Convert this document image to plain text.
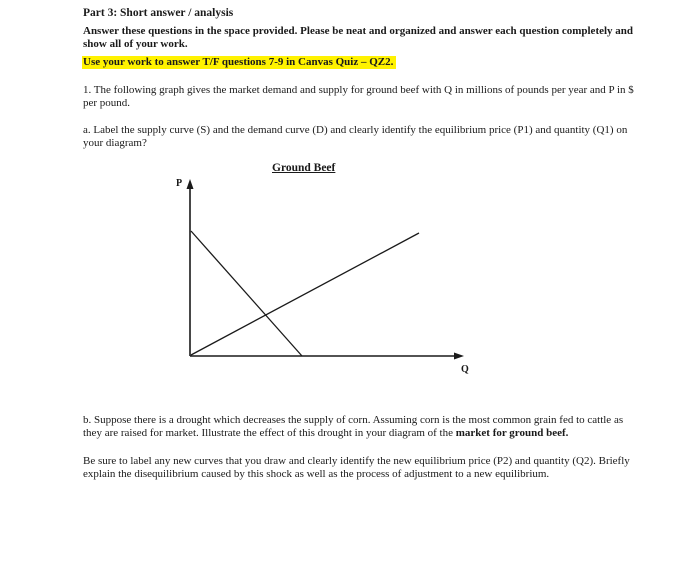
Part 3: Short answer / analysis

Answer these questions in the space provided. Please be neat and organized and answer each question completely and show all of your work.

Use your work to answer T/F questions 7-9 in Canvas Quiz – QZ2.

1. The following graph gives the market demand and supply for ground beef with Q in millions of pounds per year and P in $ per pound.

a. Label the supply curve (S) and the demand curve (D) and clearly identify the equilibrium price (P1) and quantity (Q1) on your diagram?

Ground Beef
P
Q

b. Suppose there is a drought which decreases the supply of corn. Assuming corn is the most common grain fed to cattle as they are raised for market. Illustrate the effect of this drought in your diagram of the market for ground beef.

Be sure to label any new curves that you draw and clearly identify the new equilibrium price (P2) and quantity (Q2). Briefly explain the disequilibrium caused by this shock as well as the process of adjustment to a new equilibrium.
